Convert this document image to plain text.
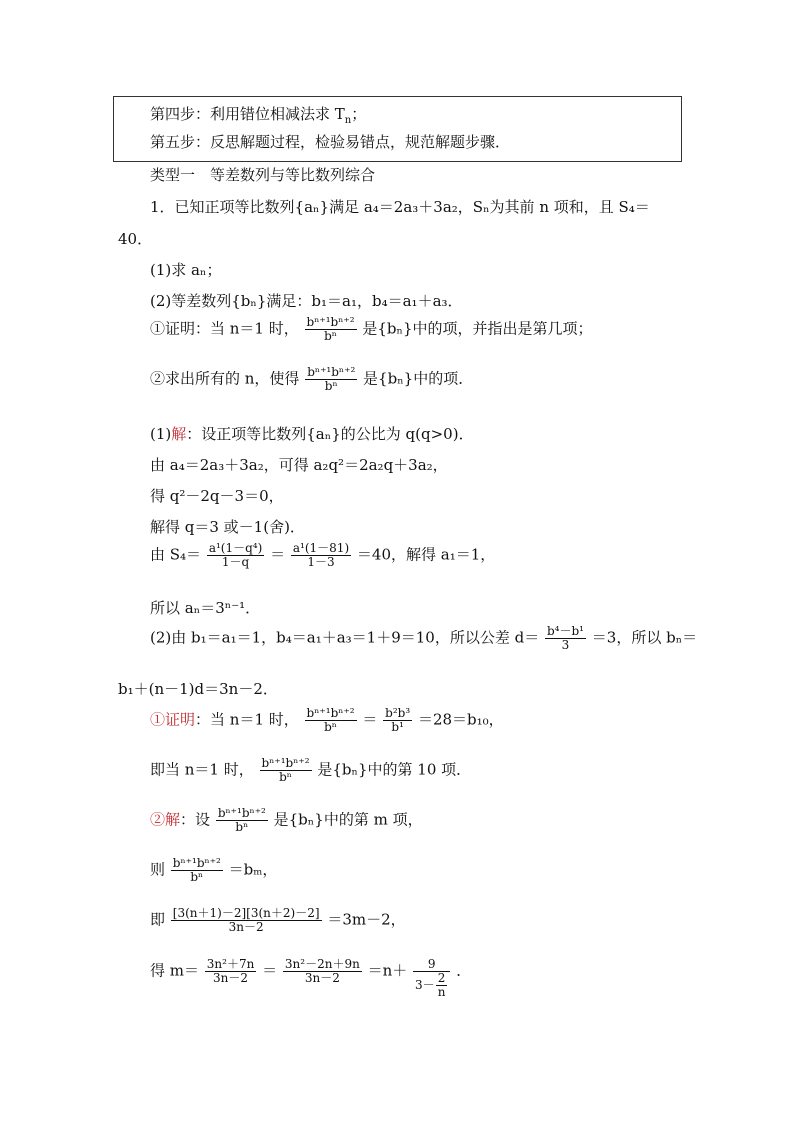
第四步：利用错位相减法求 $T_n$；
第五步：反思解题过程，检验易错点，规范解题步骤．
类型一　等差数列与等比数列综合
1．已知正项等比数列{aₙ}满足 a₄＝2a₃＋3a₂，Sₙ为其前 n 项和，且 S₄＝
40．
(1)求 aₙ；
(2)等差数列{bₙ}满足：b₁＝a₁，b₄＝a₁＋a₃．
①证明：当 n＝1 时， $\frac{\text{bⁿ⁺¹bⁿ⁺²}}{\text{bⁿ}}$ 是{bₙ}中的项，并指出是第几项；
②求出所有的 n，使得 $\frac{\text{bⁿ⁺¹bⁿ⁺²}}{\text{bⁿ}}$ 是{bₙ}中的项．
(1)解：设正项等比数列{aₙ}的公比为 q(q>0)．
由 a₄＝2a₃＋3a₂，可得 a₂q²＝2a₂q＋3a₂，
得 q²－2q－3＝0，
解得 q＝3 或－1(舍)．
由 $S_4= \frac{\text{a¹(1－q⁴)}}{1-q} = \frac{\text{a¹(1－81)}}{1-3} =40$，解得 a₁＝1，
所以 aₙ＝3ⁿ⁻¹．
(2)由 b₁＝a₁＝1，b₄＝a₁＋a₃＝1＋9＝10，所以公差 $d= \frac{\text{b⁴－b¹}}{3} =3$，所以 bₙ＝
b₁＋(n－1)d＝3n－2．
①证明：当 n＝1 时， $\frac{\text{bⁿ⁺¹bⁿ⁺²}}{\text{bⁿ}} = \frac{\text{b²b³}}{\text{b¹}} =28=b_{10}$，
即当 n＝1 时， $\frac{\text{bⁿ⁺¹bⁿ⁺²}}{\text{bⁿ}}$ 是{bₙ}中的第 10 项．
②解：设 $\frac{\text{bⁿ⁺¹bⁿ⁺²}}{\text{bⁿ}}$ 是{bₙ}中的第 m 项，
则 $\frac{\text{bⁿ⁺¹bⁿ⁺²}}{\text{bⁿ}} =b_m$，
即 $\frac{[3(n+1)-2][3(n+2)-2]}{3n-2} =3m-2$，
得 $m= \frac{\text{3n²＋7n}}{3n-2} = \frac{\text{3n²－2n＋9n}}{3n-2} =n+ \frac{9}{3- \frac{2}{n}}$ ．
